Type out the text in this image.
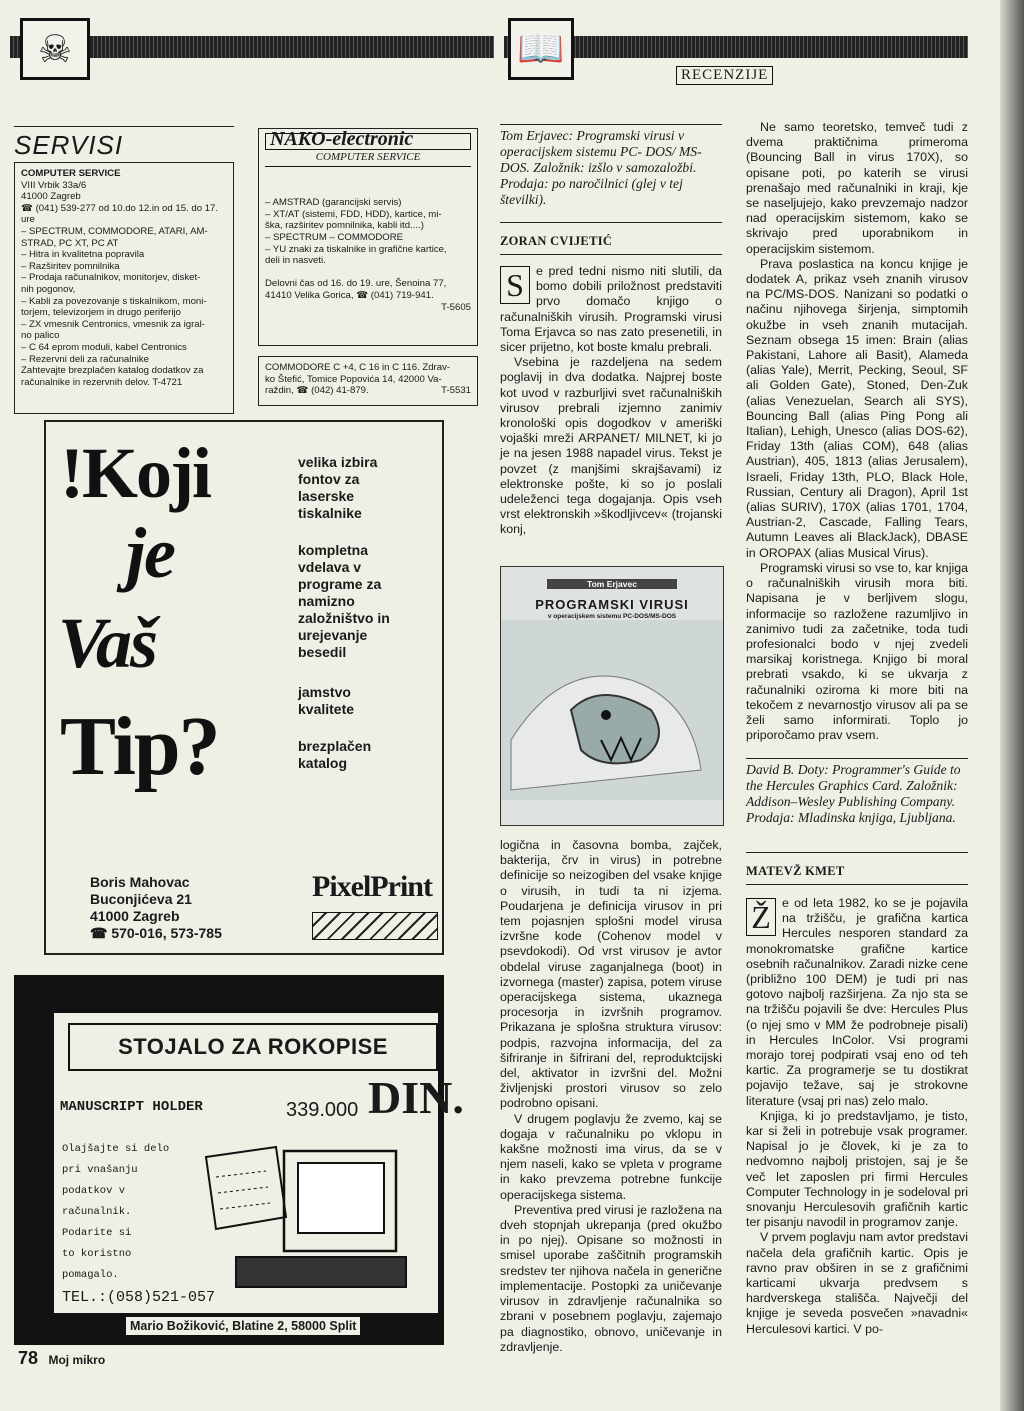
☠	📖
RECENZIJE
SERVISI
COMPUTER SERVICE
VIII Vrbik 33a/6
41000 Zagreb
☎ (041) 539-277 od 10.do 12.in od 15. do 17.
ure
– SPECTRUM, COMMODORE, ATARI, AM-
STRAD, PC XT, PC AT
– Hitra in kvalitetna popravila
– Razširitev pomnilnika
– Prodaja računalnikov, monitorjev, disket-
nih pogonov,
– Kabli za povezovanje s tiskalnikom, moni-
torjem, televizorjem in drugo periferijo
– ZX vmesnik Centronics, vmesnik za igral-
no palico
– C 64 eprom moduli, kabel Centronics
– Rezervni deli za računalnike
Zahtevajte brezplačen katalog dodatkov za
računalnike in rezervnih delov. T-4721
NAKO-electronic
COMPUTER SERVICE
– AMSTRAD (garancijski servis)
– XT/AT (sistemi, FDD, HDD), kartice, mi-
ška, razširitev pomnilnika, kabli itd....)
– SPECTRUM – COMMODORE
– YU znaki za tiskalnike in grafične kartice,
deli in nasveti.

Delovni čas od 16. do 19. ure, Šenoina 77,
41410 Velika Gorica, ☎ (041) 719-941.
T-5605
COMMODORE C +4, C 16 in C 116. Zdrav-
ko Štefić, Tomice Popovića 14, 42000 Va-
raždin, ☎ (042) 41-879.	T-5531
!Koji
je
Vaš
Tip?
velika izbira fontov za laserske tiskalnike
kompletna vdelava v programe za namizno založništvo in urejevanje besedil
jamstvo kvalitete
brezplačen katalog
Boris Mahovac
Buconjićeva 21
41000 Zagreb
☎ 570-016, 573-785
PixelPrint
STOJALO ZA ROKOPISE
MANUSCRIPT HOLDER	339.000 DIN.
Olajšajte si delo
pri vnašanju
podatkov v
računalnik.
Podarite si
to koristno
pomagalo.
TEL.:(058)521-057
Mario Božiković, Blatine 2, 58000 Split
78 Moj mikro
Tom Erjavec: Programski virusi v operacijskem sistemu PC- DOS/ MS-DOS. Založnik: izšlo v samozaložbi. Prodaja: po naročilnici (glej v tej številki).
ZORAN CVIJETIĆ
S e pred tedni nismo niti slutili, da bomo dobili priložnost predstaviti prvo domačo knjigo o računalniških virusih. Programski virusi Toma Erjavca so nas zato presenetili, in sicer prijetno, kot boste kmalu prebrali.

Vsebina je razdeljena na sedem poglavij in dva dodatka. Najprej boste kot uvod v razburljivi svet računalniških virusov prebrali izjemno zanimiv kronološki opis dogodkov v ameriški vojaški mreži ARPANET/ MILNET, ki jo je na jesen 1988 napadel virus. Tekst je povzet (z manjšimi skrajšavami) iz elektronske pošte, ki so jo poslali udeleženci tega dogajanja. Opis vseh vrst elektronskih »škodljivcev« (trojanski konj,

Tom Erjavec
PROGRAMSKI VIRUSI
v operacijskem sistemu PC-DOS/MS-DOS

logična in časovna bomba, zajček, bakterija, črv in virus) in potrebne definicije so neizogiben del vsake knjige o virusih, in tudi ta ni izjema. Poudarjena je definicija virusov in pri tem pojasnjen splošni model virusa izvršne kode (Cohenov model v psevdokodi). Od vrst virusov je avtor obdelal viruse zaganjalnega (boot) in izvornega (master) zapisa, potem viruse operacijskega sistema, ukaznega procesorja in izvršnih programov. Prikazana je splošna struktura virusov: podpis, razvojna informacija, del za šifriranje in šifrirani del, reproduktcijski del, aktivator in izvršni del. Možni življenjski prostori virusov so zelo podrobno opisani.

V drugem poglavju že zvemo, kaj se dogaja v računalniku po vklopu in kakšne možnosti ima virus, da se v njem naseli, kako se vpleta v programe in kako prevzema potrebne funkcije operacijskega sistema.

Preventiva pred virusi je razložena na dveh stopnjah ukrepanja (pred okužbo in po njej). Opisane so možnosti in smisel uporabe zaščitnih programskih sredstev ter njihova načela in generične implementacije. Postopki za uničevanje virusov in zdravljenje računalnika so zbrani v posebnem poglavju, zajemajo pa diagnostiko, obnovo, uničevanje in zdravljenje.

Ne samo teoretsko, temveč tudi z dvema praktičnima primeroma (Bouncing Ball in virus 170X), so opisane poti, po katerih se virusi prenašajo med računalniki in kraji, kje se naseljujejo, kako prevzemajo nadzor nad operacijskim sistemom, kako se skrivajo pred uporabnikom in operacijskim sistemom.

Prava poslastica na koncu knjige je dodatek A, prikaz vseh znanih virusov na PC/MS-DOS. Nanizani so podatki o načinu njihovega širjenja, simptomih okužbe in vseh znanih mutacijah. Seznam obsega 15 imen: Brain (alias Pakistani, Lahore ali Basit), Alameda (alias Yale), Merrit, Pecking, Seoul, SF ali Golden Gate), Stoned, Den-Zuk (alias Venezuelan, Search ali SYS), Bouncing Ball (alias Ping Pong ali Italian), Lehigh, Unesco (alias DOS-62), Friday 13th (alias COM), 648 (alias Austrian), 405, 1813 (alias Jerusalem), Israeli, Friday 13th, PLO, Black Hole, Russian, Century ali Dragon), April 1st (alias SURIV), 170X (alias 1701, 1704, Austrian-2, Cascade, Falling Tears, Autumn Leaves ali BlackJack), DBASE in OROPAX (alias Musical Virus).

Programski virusi so vse to, kar knjiga o računalniških virusih mora biti. Napisana je v berljivem slogu, informacije so razložene razumljivo in zanimivo tudi za začetnike, toda tudi profesionalci bodo v njej zvedeli marsikaj koristnega. Knjigo bi moral prebrati vsakdo, ki se ukvarja z računalniki oziroma ki more biti na tekočem z nevarnostjo virusov ali pa se želi samo informirati. Toplo jo priporočamo prav vsem.

David B. Doty: Programmer's Guide to the Hercules Graphics Card. Založnik: Addison–Wesley Publishing Company. Prodaja: Mladinska knjiga, Ljubljana.
MATEVŽ KMET
Ž e od leta 1982, ko se je pojavila na tržišču, je grafična kartica Hercules nesporen standard za monokromatske grafične kartice osebnih računalnikov. Zaradi nizke cene (približno 100 DEM) je tudi pri nas gotovo najbolj razširjena. Za njo sta se na tržišču pojavili še dve: Hercules Plus (o njej smo v MM že podrobneje pisali) in Hercules InColor. Vsi programi morajo torej podpirati vsaj eno od teh kartic. Za programerje se tu dostikrat pojavijo težave, saj je strokovne literature (vsaj pri nas) zelo malo.

Knjiga, ki jo predstavljamo, je tisto, kar si želi in potrebuje vsak programer. Napisal jo je človek, ki je za to nedvomno najbolj pristojen, saj je še več let zaposlen pri firmi Hercules Computer Technology in je sodeloval pri snovanju Herculesovih grafičnih kartic ter pisanju navodil in programov zanje.

V prvem poglavju nam avtor predstavi načela dela grafičnih kartic. Opis je ravno prav obširen in se z grafičnimi karticami ukvarja predvsem s hardverskega stališča. Največji del knjige je seveda posvečen »navadni« Herculesovi kartici. V po-
